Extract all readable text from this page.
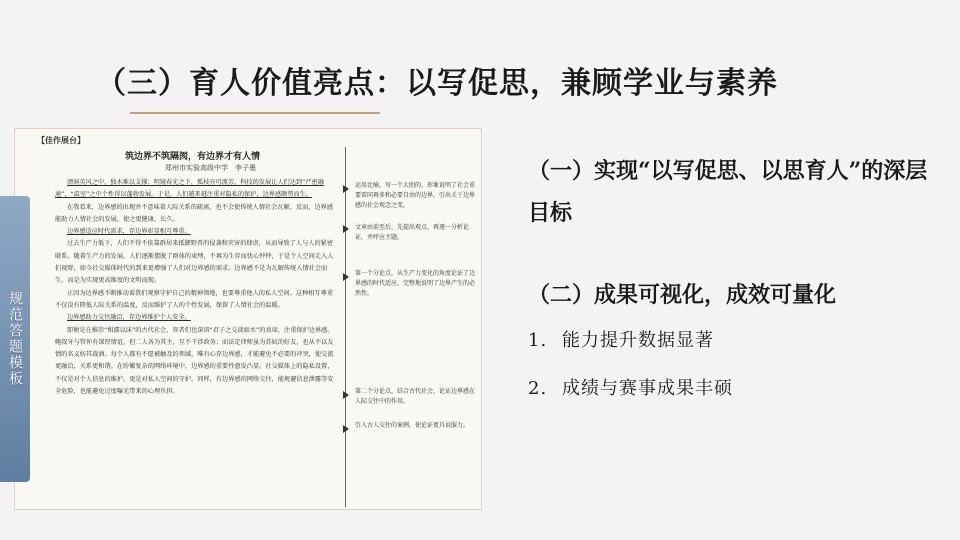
（三）育人价值亮点：以写促思，兼顾学业与素养
【佳作展台】
筑边界不筑隔阂，有边界才有人情
郑州市实验高级中学　李子墨

漂洞英风之中，独木难以支撑；明镜春光之下，孤枝亦可流芳。科技的发展让人们达到“严密融通”，“温室”之中个性得以蓬勃发展。于是，人们越来越注重对隐私的保护，边界感颇势而生。

在我看来，边界感的出现并不意味着人际关系的疏离，也不会使传统人情社会瓦解，反而，边界感能助力人情社会的发展，使之更健康，长久。

边界感适应时代需求，存边界彰显相互尊重。

过去生产力低下，人们不得不依靠群居来抵御野兽的侵袭和灾害的肆虐，从而导致了人与人的紧密联系。随着生产力的发展，人们逐渐摆脱了群体的束缚，不再为生存而忧心忡忡，于是个人空间走入人们视野，如今社交媒体时代的到来更增强了人们对边界感的需求。边界感不是为瓦解传统人情社会而生，而是为实现更高维度的文明而现。

正因为边界感不断推动着我们观察守护自己的精神领地，也要尊重他人的私人空间。这种相互尊重不仅没有降低人际关系的温度，反而维护了人的个性发展，保留了人情社会的温暖。

边界感助力交往融洽，存边界维护个人安全。

即便是在推崇“相濡以沫”的古代社会，智者们也深谙“君子之交淡如水”的真谛，注重保护边界感。鲍叔牙与管仲有深厚情谊，但二人各为其主，互不干涉政务；而法定律师虽为苏轼的好友，也从不以友情的名义妨其裁酒。每个人都有不愿被触及的领域，唯有心存边界感，才能避免不必要的冲突，使交流更融洽，关系更和谐。在纷繁复杂的网络环境中，边界感的重要性愈发凸显。社交媒体上的隐私设置，不仅是对个人信息的维护，更是对私人空间的守护。同样，有边界感的网络交往，能规避信息泄露等安全危险，也能避免过度曝光带来的心理负担。

运用比喻，写一个大胆的，形象说明了社会重要雷同再多和必要自由的边界，引出关于边界感的社会观念之变。
文章由前至后，先提出观点，再逐一分析论证，并呼应主题。
第一个分论点，从生产力变化的角度论证了边界感的时代适应，完整地说明了边界产生的必然性。
第二个分论点，结合古代社会，论证边界感在人际交往中的作用。
引入古人交往的案例，使论证更具说服力。
规范答题模板
（一）实现“以写促思、以思育人”的深层目标
（二）成果可视化，成效可量化
1. 能力提升数据显著
2. 成绩与赛事成果丰硕
